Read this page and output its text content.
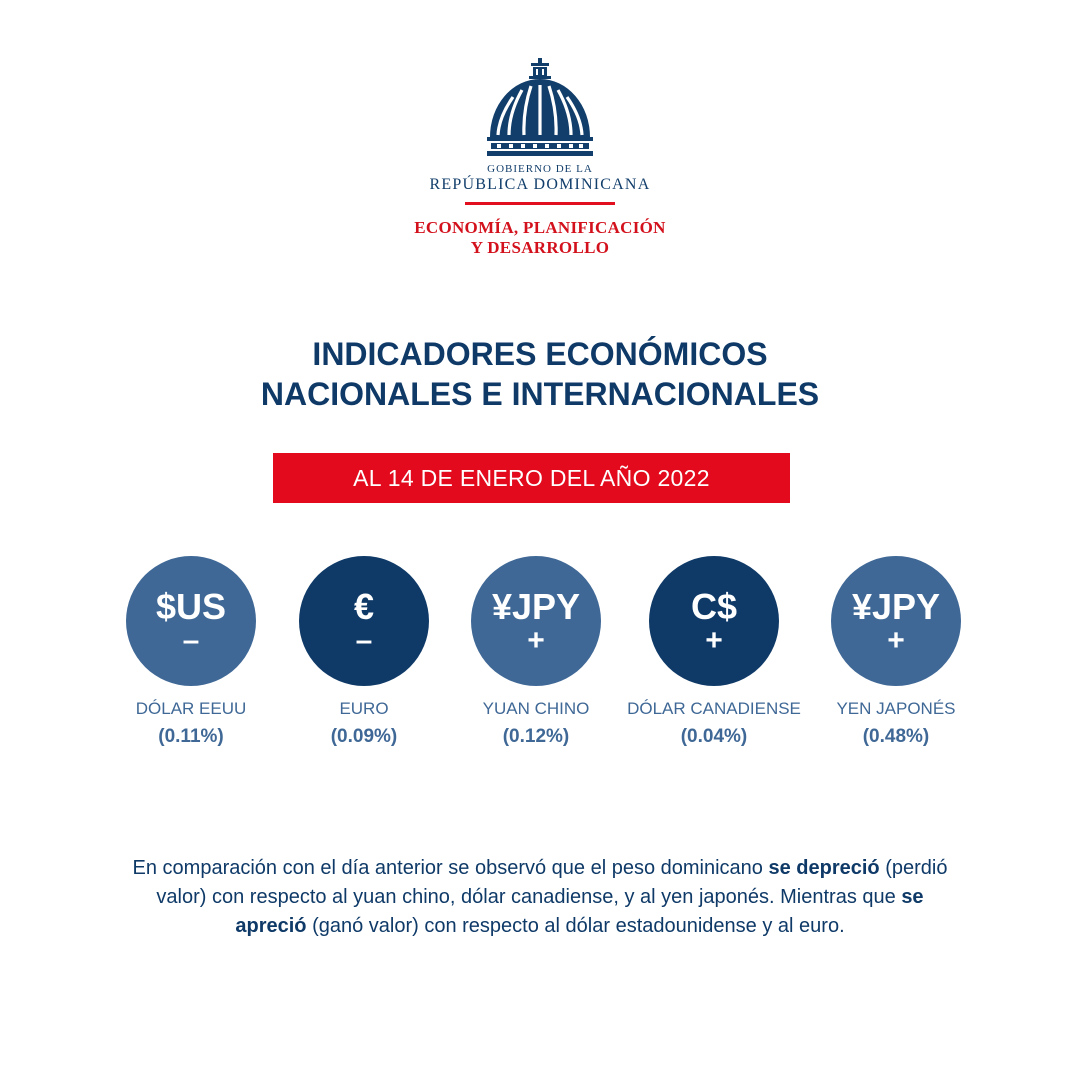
GOBIERNO DE LA
REPÚBLICA DOMINICANA
ECONOMÍA, PLANIFICACIÓN
Y DESARROLLO
INDICADORES ECONÓMICOS
NACIONALES E INTERNACIONALES
AL 14 DE ENERO DEL AÑO 2022
$US
–
DÓLAR EEUU
(0.11%)
€
–
EURO
(0.09%)
¥JPY
+
YUAN CHINO
(0.12%)
C$
+
DÓLAR CANADIENSE
(0.04%)
¥JPY
+
YEN JAPONÉS
(0.48%)
En comparación con el día anterior se observó que el peso dominicano se depreció (perdió valor) con respecto al yuan chino, dólar canadiense, y al yen japonés. Mientras que se apreció (ganó valor) con respecto al dólar estadounidense y al euro.
